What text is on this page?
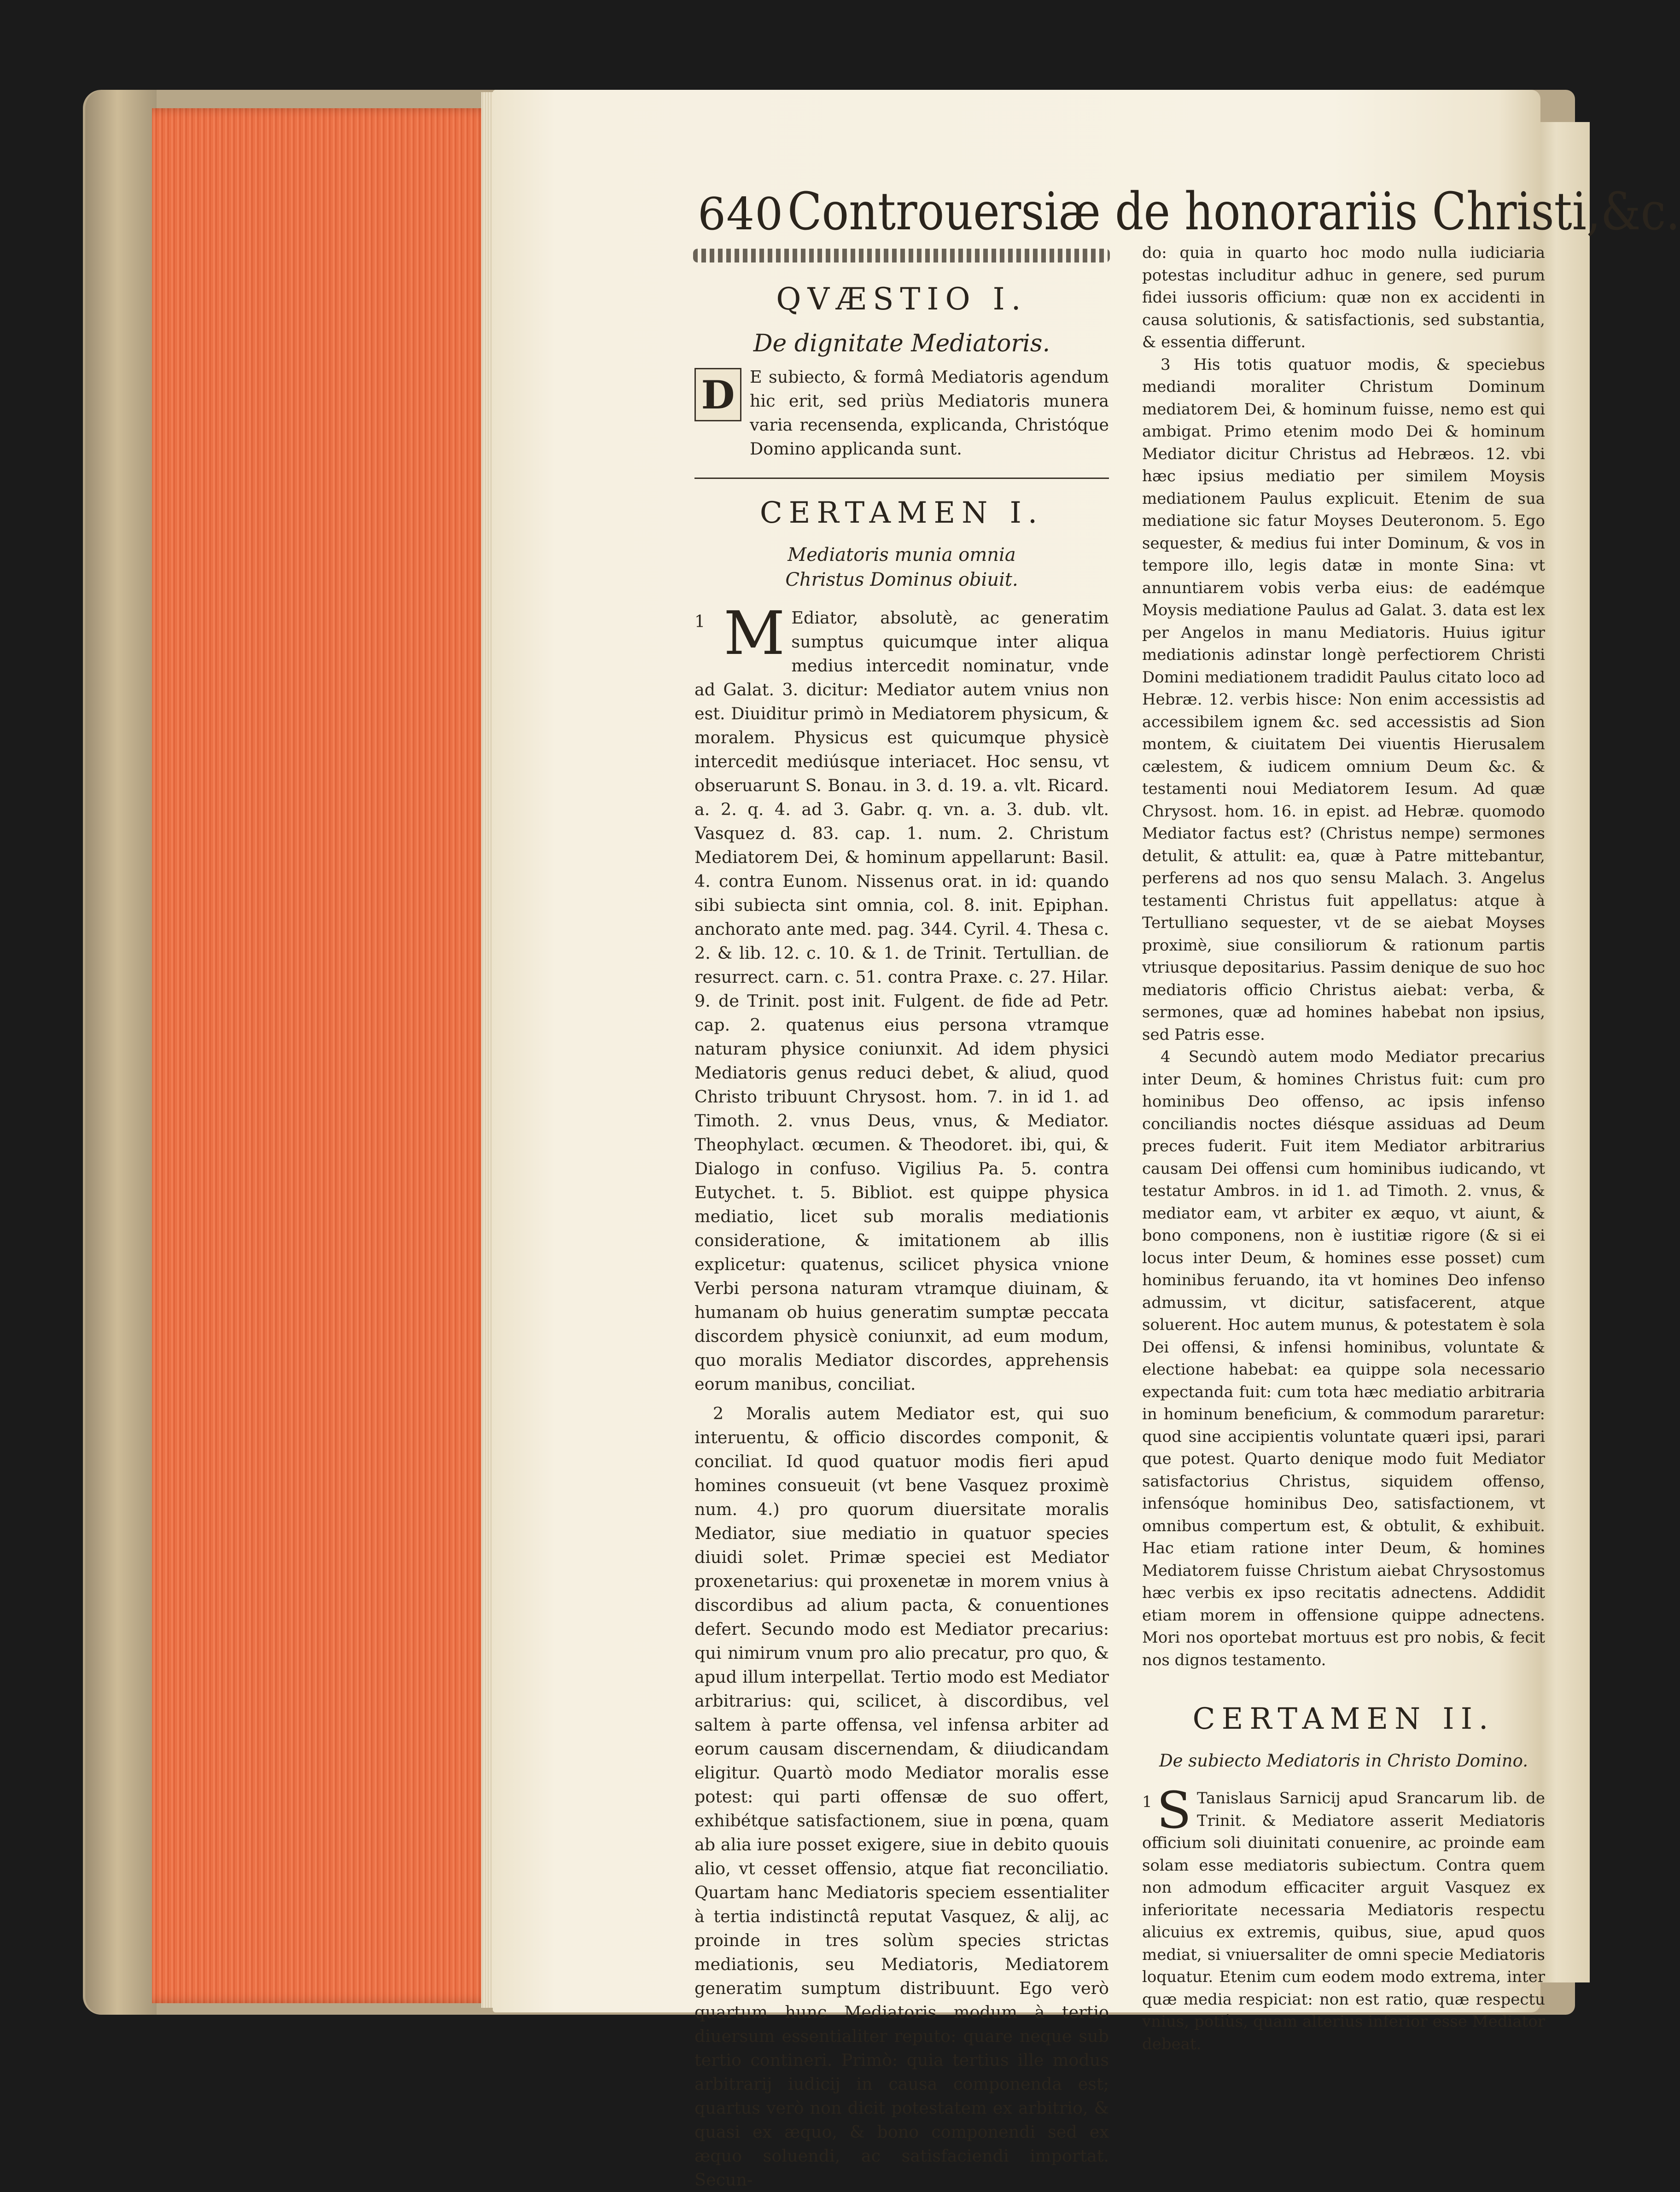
640 Controuersiæ de honorariis Christi,&c.
QVÆSTIO I.
De dignitate Mediatoris.
D E subiecto, & formâ Mediatoris agendum hic erit, sed priùs Mediatoris munera varia recensenda, explicanda, Christóque Domino applicanda sunt.

CERTAMEN I.
Mediatoris munia omnia Christus Dominus obiuit.
1 M Ediator, absolutè, ac generatim sumptus quicumque inter aliqua medius intercedit nominatur, vnde ad Galat. 3. dicitur: Mediator autem vnius non est. Diuiditur primò in Mediatorem physicum, & moralem. Physicus est quicumque physicè intercedit mediúsque interiacet. Hoc sensu, vt obseruarunt S. Bonau. in 3. d. 19. a. vlt. Ricard. a. 2. q. 4. ad 3. Gabr. q. vn. a. 3. dub. vlt. Vasquez d. 83. cap. 1. num. 2. Christum Mediatorem Dei, & hominum appellarunt: Basil. 4. contra Eunom. Nissenus orat. in id: quando sibi subiecta sint omnia, col. 8. init. Epiphan. anchorato ante med. pag. 344. Cyril. 4. Thesa c. 2. & lib. 12. c. 10. & 1. de Trinit. Tertullian. de resurrect. carn. c. 51. contra Praxe. c. 27. Hilar. 9. de Trinit. post init. Fulgent. de fide ad Petr. cap. 2. quatenus eius persona vtramque naturam physice coniunxit. Ad idem physici Mediatoris genus reduci debet, & aliud, quod Christo tribuunt Chrysost. hom. 7. in id 1. ad Timoth. 2. vnus Deus, vnus, & Mediator. Theophylact. œcumen. & Theodoret. ibi, qui, & Dialogo in confuso. Vigilius Pa. 5. contra Eutychet. t. 5. Bibliot. est quippe physica mediatio, licet sub moralis mediationis consideratione, & imitationem ab illis explicetur: quatenus, scilicet physica vnione Verbi persona naturam vtramque diuinam, & humanam ob huius generatim sumptæ peccata discordem physicè coniunxit, ad eum modum, quo moralis Mediator discordes, apprehensis eorum manibus, conciliat.
2 Moralis autem Mediator est, qui suo interuentu, & officio discordes componit, & conciliat. Id quod quatuor modis fieri apud homines consueuit (vt bene Vasquez proximè num. 4.) pro quorum diuersitate moralis Mediator, siue mediatio in quatuor species diuidi solet. Primæ speciei est Mediator proxenetarius: qui proxenetæ in morem vnius à discordibus ad alium pacta, & conuentiones defert. Secundo modo est Mediator precarius: qui nimirum vnum pro alio precatur, pro quo, & apud illum interpellat. Tertio modo est Mediator arbitrarius: qui, scilicet, à discordibus, vel saltem à parte offensa, vel infensa arbiter ad eorum causam discernendam, & diiudicandam eligitur. Quartò modo Mediator moralis esse potest: qui parti offensæ de suo offert, exhibétque satisfactionem, siue in pœna, quam ab alia iure posset exigere, siue in debito quouis alio, vt cesset offensio, atque fiat reconciliatio. Quartam hanc Mediatoris speciem essentialiter à tertia indistinctâ reputat Vasquez, & alij, ac proinde in tres solùm species strictas mediationis, seu Mediatoris, Mediatorem generatim sumptum distribuunt. Ego verò quartum hunc Mediatoris modum à tertio diuersum essentialiter reputo: quare neque sub tertio contineri. Primò: quia tertius ille modus arbitrarij iudicij in causa componenda est; quartus verò non dicit potestatem ex arbitrio, & quasi ex æquo, & bono componendi sed ex æquo soluendi, ac satisfaciendi importat. Secun-

do: quia in quarto hoc modo nulla iudiciaria potestas includitur adhuc in genere, sed purum fidei iussoris officium: quæ non ex accidenti in causa solutionis, & satisfactionis, sed substantia, & essentia differunt.

3 His totis quatuor modis, & speciebus mediandi moraliter Christum Dominum mediatorem Dei, & hominum fuisse, nemo est qui ambigat. Primo etenim modo Dei & hominum Mediator dicitur Christus ad Hebræos. 12. vbi hæc ipsius mediatio per similem Moysis mediationem Paulus explicuit. Etenim de sua mediatione sic fatur Moyses Deuteronom. 5. Ego sequester, & medius fui inter Dominum, & vos in tempore illo, legis datæ in monte Sina: vt annuntiarem vobis verba eius: de eadémque Moysis mediatione Paulus ad Galat. 3. data est lex per Angelos in manu Mediatoris. Huius igitur mediationis adinstar longè perfectiorem Christi Domini mediationem tradidit Paulus citato loco ad Hebræ. 12. verbis hisce: Non enim accessistis ad accessibilem ignem &c. sed accessistis ad Sion montem, & ciuitatem Dei viuentis Hierusalem cælestem, & iudicem omnium Deum &c. & testamenti noui Mediatorem Iesum. Ad quæ Chrysost. hom. 16. in epist. ad Hebræ. quomodo Mediator factus est? (Christus nempe) sermones detulit, & attulit: ea, quæ à Patre mittebantur, perferens ad nos quo sensu Malach. 3. Angelus testamenti Christus fuit appellatus: atque à Tertulliano sequester, vt de se aiebat Moyses proximè, siue consiliorum & rationum partis vtriusque depositarius. Passim denique de suo hoc mediatoris officio Christus aiebat: verba, & sermones, quæ ad homines habebat non ipsius, sed Patris esse.
4 Secundò autem modo Mediator precarius inter Deum, & homines Christus fuit: cum pro hominibus Deo offenso, ac ipsis infenso conciliandis noctes diésque assiduas ad Deum preces fuderit. Fuit item Mediator arbitrarius causam Dei offensi cum hominibus iudicando, vt testatur Ambros. in id 1. ad Timoth. 2. vnus, & mediator eam, vt arbiter ex æquo, vt aiunt, & bono componens, non è iustitiæ rigore (& si ei locus inter Deum, & homines esse posset) cum hominibus feruando, ita vt homines Deo infenso admussim, vt dicitur, satisfacerent, atque soluerent. Hoc autem munus, & potestatem è sola Dei offensi, & infensi hominibus, voluntate & electione habebat: ea quippe sola necessario expectanda fuit: cum tota hæc mediatio arbitraria in hominum beneficium, & commodum pararetur: quod sine accipientis voluntate quæri ipsi, parari que potest. Quarto denique modo fuit Mediator satisfactorius Christus, siquidem offenso, infensóque hominibus Deo, satisfactionem, vt omnibus compertum est, & obtulit, & exhibuit. Hac etiam ratione inter Deum, & homines Mediatorem fuisse Christum aiebat Chrysostomus hæc verbis ex ipso recitatis adnectens. Addidit etiam morem in offensione quippe adnectens. Mori nos oportebat mortuus est pro nobis, & fecit nos dignos testamento.
CERTAMEN II.
De subiecto Mediatoris in Christo Domino.
1 S Tanislaus Sarnicij apud Srancarum lib. de Trinit. & Mediatore asserit Mediatoris officium soli diuinitati conuenire, ac proinde eam solam esse mediatoris subiectum. Contra quem non admodum efficaciter arguit Vasquez ex inferioritate necessaria Mediatoris respectu alicuius ex extremis, quibus, siue, apud quos mediat, si vniuersaliter de omni specie Mediatoris loquatur. Etenim cum eodem modo extrema, inter quæ media respiciat: non est ratio, quæ respectu vnius, potiùs, quam alterius inferior esse Mediator debeat.
